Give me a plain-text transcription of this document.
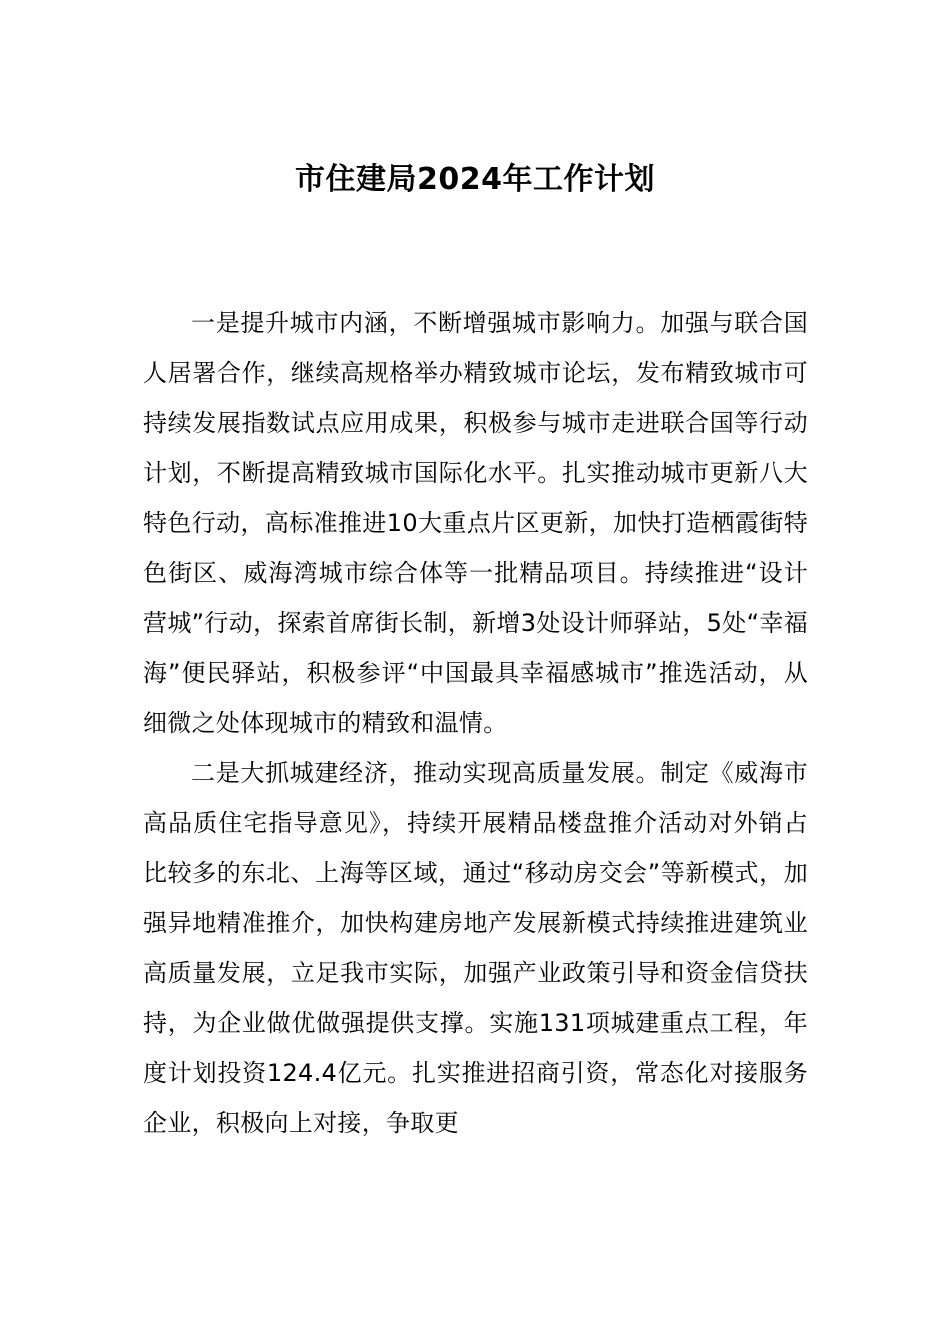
市住建局2024年工作计划

一是提升城市内涵，不断增强城市影响力。加强与联合国人居署合作，继续高规格举办精致城市论坛，发布精致城市可持续发展指数试点应用成果，积极参与城市走进联合国等行动计划，不断提高精致城市国际化水平。扎实推动城市更新八大特色行动，高标准推进10大重点片区更新，加快打造栖霞街特色街区、威海湾城市综合体等一批精品项目。持续推进“设计营城”行动，探索首席街长制，新增3处设计师驿站，5处“幸福海”便民驿站，积极参评“中国最具幸福感城市”推选活动，从细微之处体现城市的精致和温情。

二是大抓城建经济，推动实现高质量发展。制定《威海市高品质住宅指导意见》，持续开展精品楼盘推介活动对外销占比较多的东北、上海等区域，通过“移动房交会”等新模式，加强异地精准推介，加快构建房地产发展新模式持续推进建筑业高质量发展，立足我市实际，加强产业政策引导和资金信贷扶持，为企业做优做强提供支撑。实施131项城建重点工程，年度计划投资124.4亿元。扎实推进招商引资，常态化对接服务企业，积极向上对接，争取更
